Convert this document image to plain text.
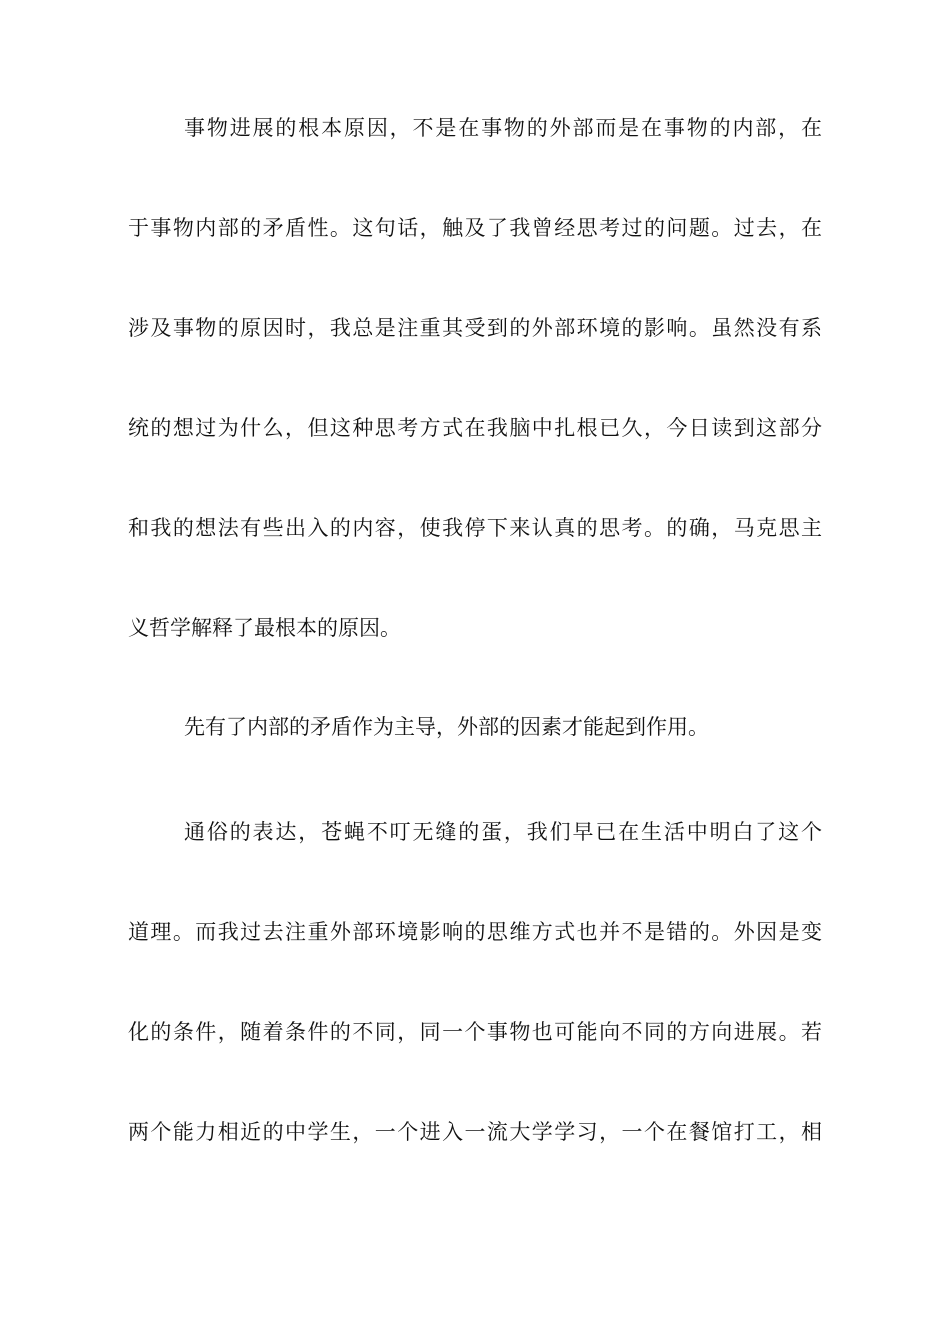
事物进展的根本原因，不是在事物的外部而是在事物的内部，在
于事物内部的矛盾性。这句话，触及了我曾经思考过的问题。过去，在
涉及事物的原因时，我总是注重其受到的外部环境的影响。虽然没有系
统的想过为什么，但这种思考方式在我脑中扎根已久，今日读到这部分
和我的想法有些出入的内容，使我停下来认真的思考。的确，马克思主
义哲学解释了最根本的原因。
先有了内部的矛盾作为主导，外部的因素才能起到作用。
通俗的表达，苍蝇不叮无缝的蛋，我们早已在生活中明白了这个
道理。而我过去注重外部环境影响的思维方式也并不是错的。外因是变
化的条件，随着条件的不同，同一个事物也可能向不同的方向进展。若
两个能力相近的中学生，一个进入一流大学学习，一个在餐馆打工，相
